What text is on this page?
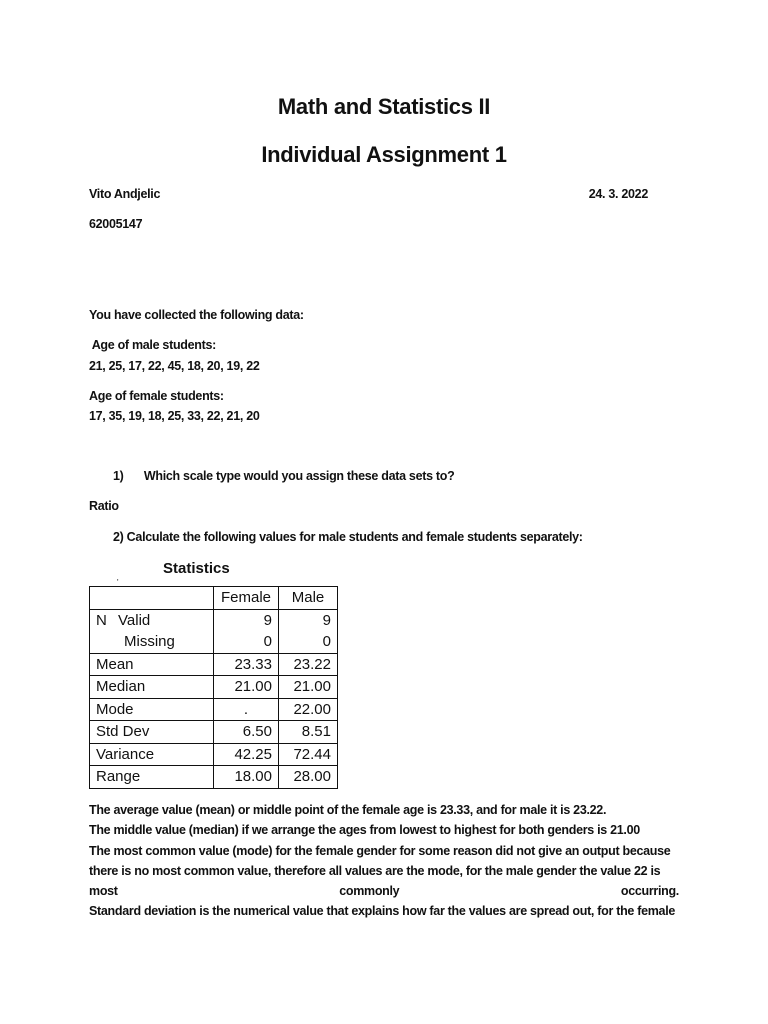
Math and Statistics II
Individual Assignment 1
Vito Andjelic	24. 3. 2022
62005147
You have collected the following data:
Age of male students:
21, 25, 17, 22, 45, 18, 20, 19, 22
Age of female students:
17, 35, 19, 18, 25, 33, 22, 21, 20
1) Which scale type would you assign these data sets to?
Ratio
2) Calculate the following values for male students and female students separately:
Statistics
'
	Female	Male
N Valid	9	9
Missing	0	0
Mean	23.33	23.22
Median	21.00	21.00
Mode	.	22.00
Std Dev	6.50	8.51
Variance	42.25	72.44
Range	18.00	28.00

The average value (mean) or middle point of the female age is 23.33, and for male it is 23.22.

The middle value (median) if we arrange the ages from lowest to highest for both genders is 21.00

The most common value (mode) for the female gender for some reason did not give an output because

there is no most common value, therefore all values are the mode, for the male gender the value 22 is

most	commonly	occurring.

Standard deviation is the numerical value that explains how far the values are spread out, for the female
